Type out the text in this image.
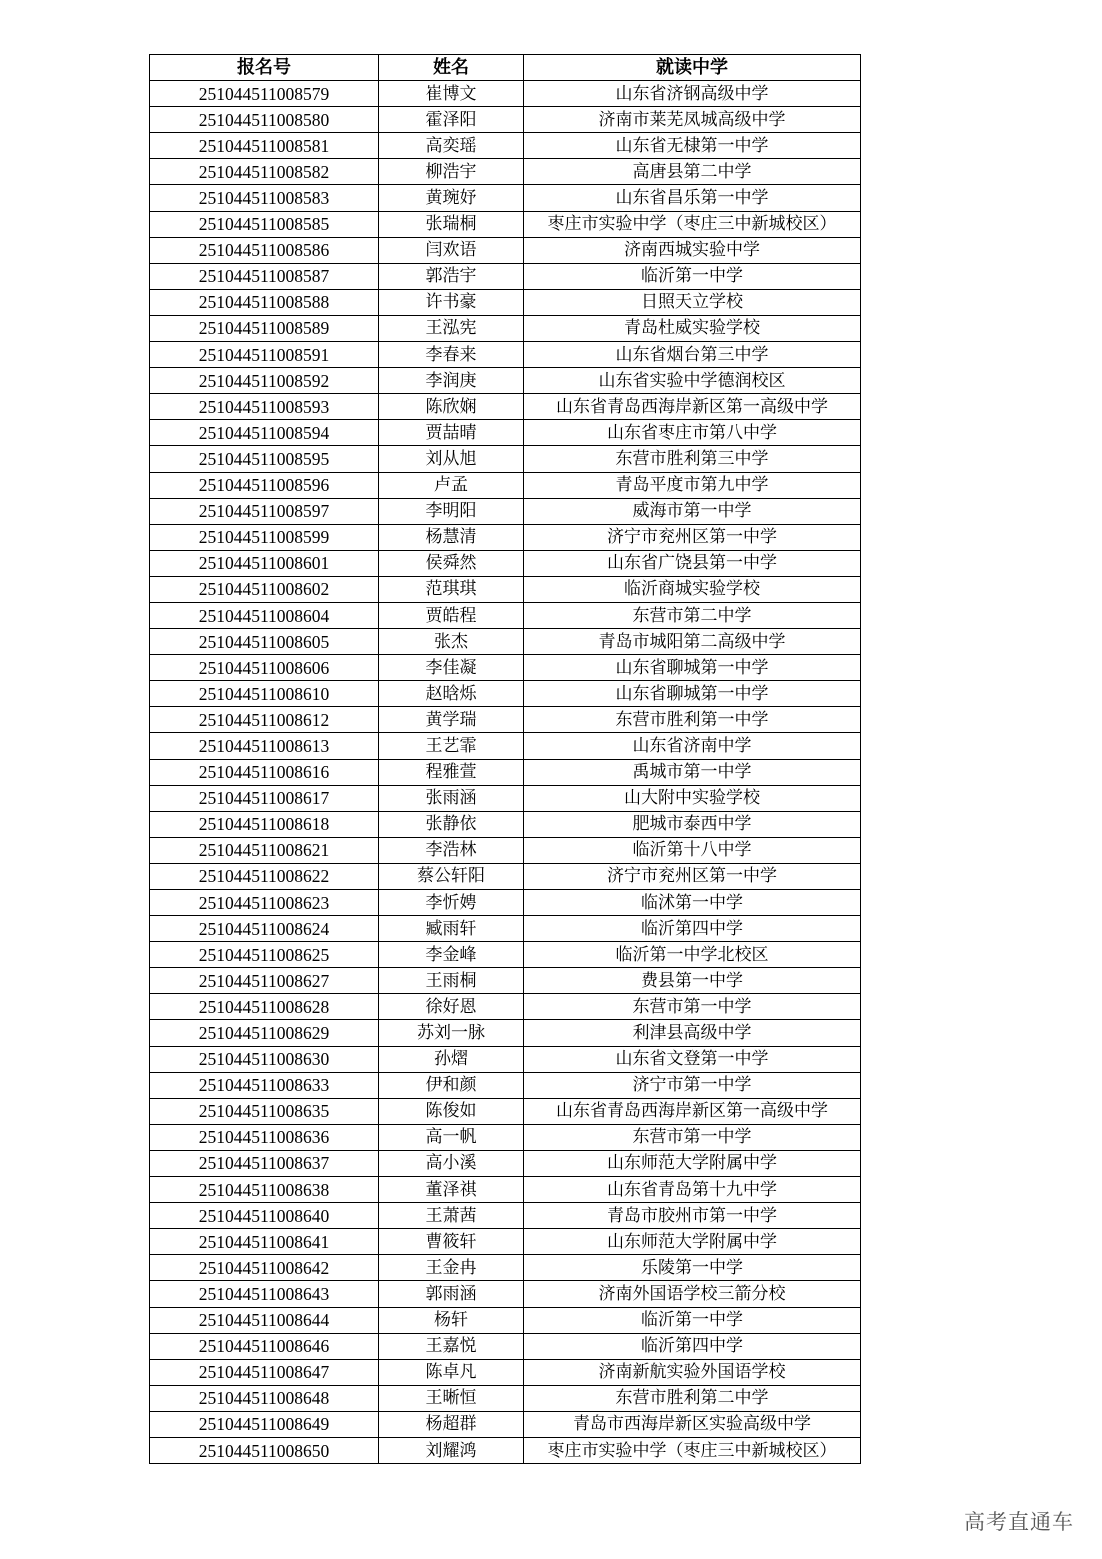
报名号	姓名	就读中学
251044511008579	崔博文	山东省济钢高级中学
251044511008580	霍泽阳	济南市莱芜凤城高级中学
251044511008581	高奕瑶	山东省无棣第一中学
251044511008582	柳浩宇	高唐县第二中学
251044511008583	黄琬妤	山东省昌乐第一中学
251044511008585	张瑞桐	枣庄市实验中学（枣庄三中新城校区）
251044511008586	闫欢语	济南西城实验中学
251044511008587	郭浩宇	临沂第一中学
251044511008588	许书豪	日照天立学校
251044511008589	王泓宪	青岛杜威实验学校
251044511008591	李春来	山东省烟台第三中学
251044511008592	李润庚	山东省实验中学德润校区
251044511008593	陈欣娴	山东省青岛西海岸新区第一高级中学
251044511008594	贾喆晴	山东省枣庄市第八中学
251044511008595	刘从旭	东营市胜利第三中学
251044511008596	卢孟	青岛平度市第九中学
251044511008597	李明阳	威海市第一中学
251044511008599	杨慧清	济宁市兖州区第一中学
251044511008601	侯舜然	山东省广饶县第一中学
251044511008602	范琪琪	临沂商城实验学校
251044511008604	贾皓程	东营市第二中学
251044511008605	张杰	青岛市城阳第二高级中学
251044511008606	李佳凝	山东省聊城第一中学
251044511008610	赵晗烁	山东省聊城第一中学
251044511008612	黄学瑞	东营市胜利第一中学
251044511008613	王艺霏	山东省济南中学
251044511008616	程雅萱	禹城市第一中学
251044511008617	张雨涵	山大附中实验学校
251044511008618	张静依	肥城市泰西中学
251044511008621	李浩林	临沂第十八中学
251044511008622	蔡公轩阳	济宁市兖州区第一中学
251044511008623	李忻娉	临沭第一中学
251044511008624	臧雨轩	临沂第四中学
251044511008625	李金峰	临沂第一中学北校区
251044511008627	王雨桐	费县第一中学
251044511008628	徐好恩	东营市第一中学
251044511008629	苏刘一脉	利津县高级中学
251044511008630	孙熠	山东省文登第一中学
251044511008633	伊和颜	济宁市第一中学
251044511008635	陈俊如	山东省青岛西海岸新区第一高级中学
251044511008636	高一帆	东营市第一中学
251044511008637	高小溪	山东师范大学附属中学
251044511008638	董泽祺	山东省青岛第十九中学
251044511008640	王萧茜	青岛市胶州市第一中学
251044511008641	曹筱轩	山东师范大学附属中学
251044511008642	王金冉	乐陵第一中学
251044511008643	郭雨涵	济南外国语学校三箭分校
251044511008644	杨轩	临沂第一中学
251044511008646	王嘉悦	临沂第四中学
251044511008647	陈卓凡	济南新航实验外国语学校
251044511008648	王晰恒	东营市胜利第二中学
251044511008649	杨超群	青岛市西海岸新区实验高级中学
251044511008650	刘耀鸿	枣庄市实验中学（枣庄三中新城校区）
高考直通车
